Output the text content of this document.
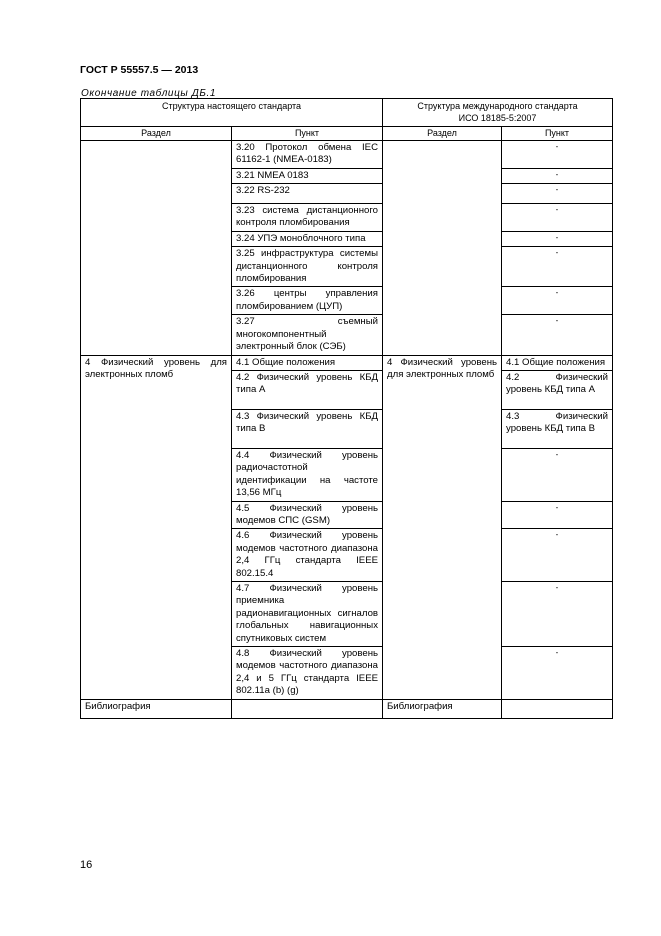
ГОСТ Р 55557.5 — 2013
Окончание таблицы ДБ.1
Структура настоящего стандарта		Структура международного стандарта
ИСО 18185-5:2007	
Раздел	Пункт	Раздел	Пункт
	3.20 Протокол обмена IEC 61162-1 (NMEA-0183)		-
	3.21 NMEA 0183		-
	3.22 RS-232		-
	3.23 система дистанционного контроля пломбирования		-
	3.24 УПЭ моноблочного типа		-
	3.25 инфраструктура системы дистанционного контроля пломбирования		-
	3.26 центры управления пломбированием (ЦУП)		-
	3.27 съемный многокомпонентный электронный блок (СЭБ)		-
4 Физический уровень для электронных пломб	4.1 Общие положения	4 Физический уровень для электронных пломб	4.1 Общие положения
	4.2 Физический уровень КБД типа А		4.2 Физический уровень КБД типа А
	4.3 Физический уровень КБД типа В		4.3 Физический уровень КБД типа В
	4.4 Физический уровень радиочастотной идентификации на частоте 13,56 МГц		-
	4.5 Физический уровень модемов СПС (GSM)		-
	4.6 Физический уровень модемов частотного диапазона 2,4 ГГц стандарта IEEE 802.15.4		-
	4.7 Физический уровень приемника радионавигационных сигналов глобальных навигационных спутниковых систем		-
	4.8 Физический уровень модемов частотного диапазона 2,4 и 5 ГГц стандарта IEEE 802.11a (b) (g)		-
Библиография		Библиография	
16
